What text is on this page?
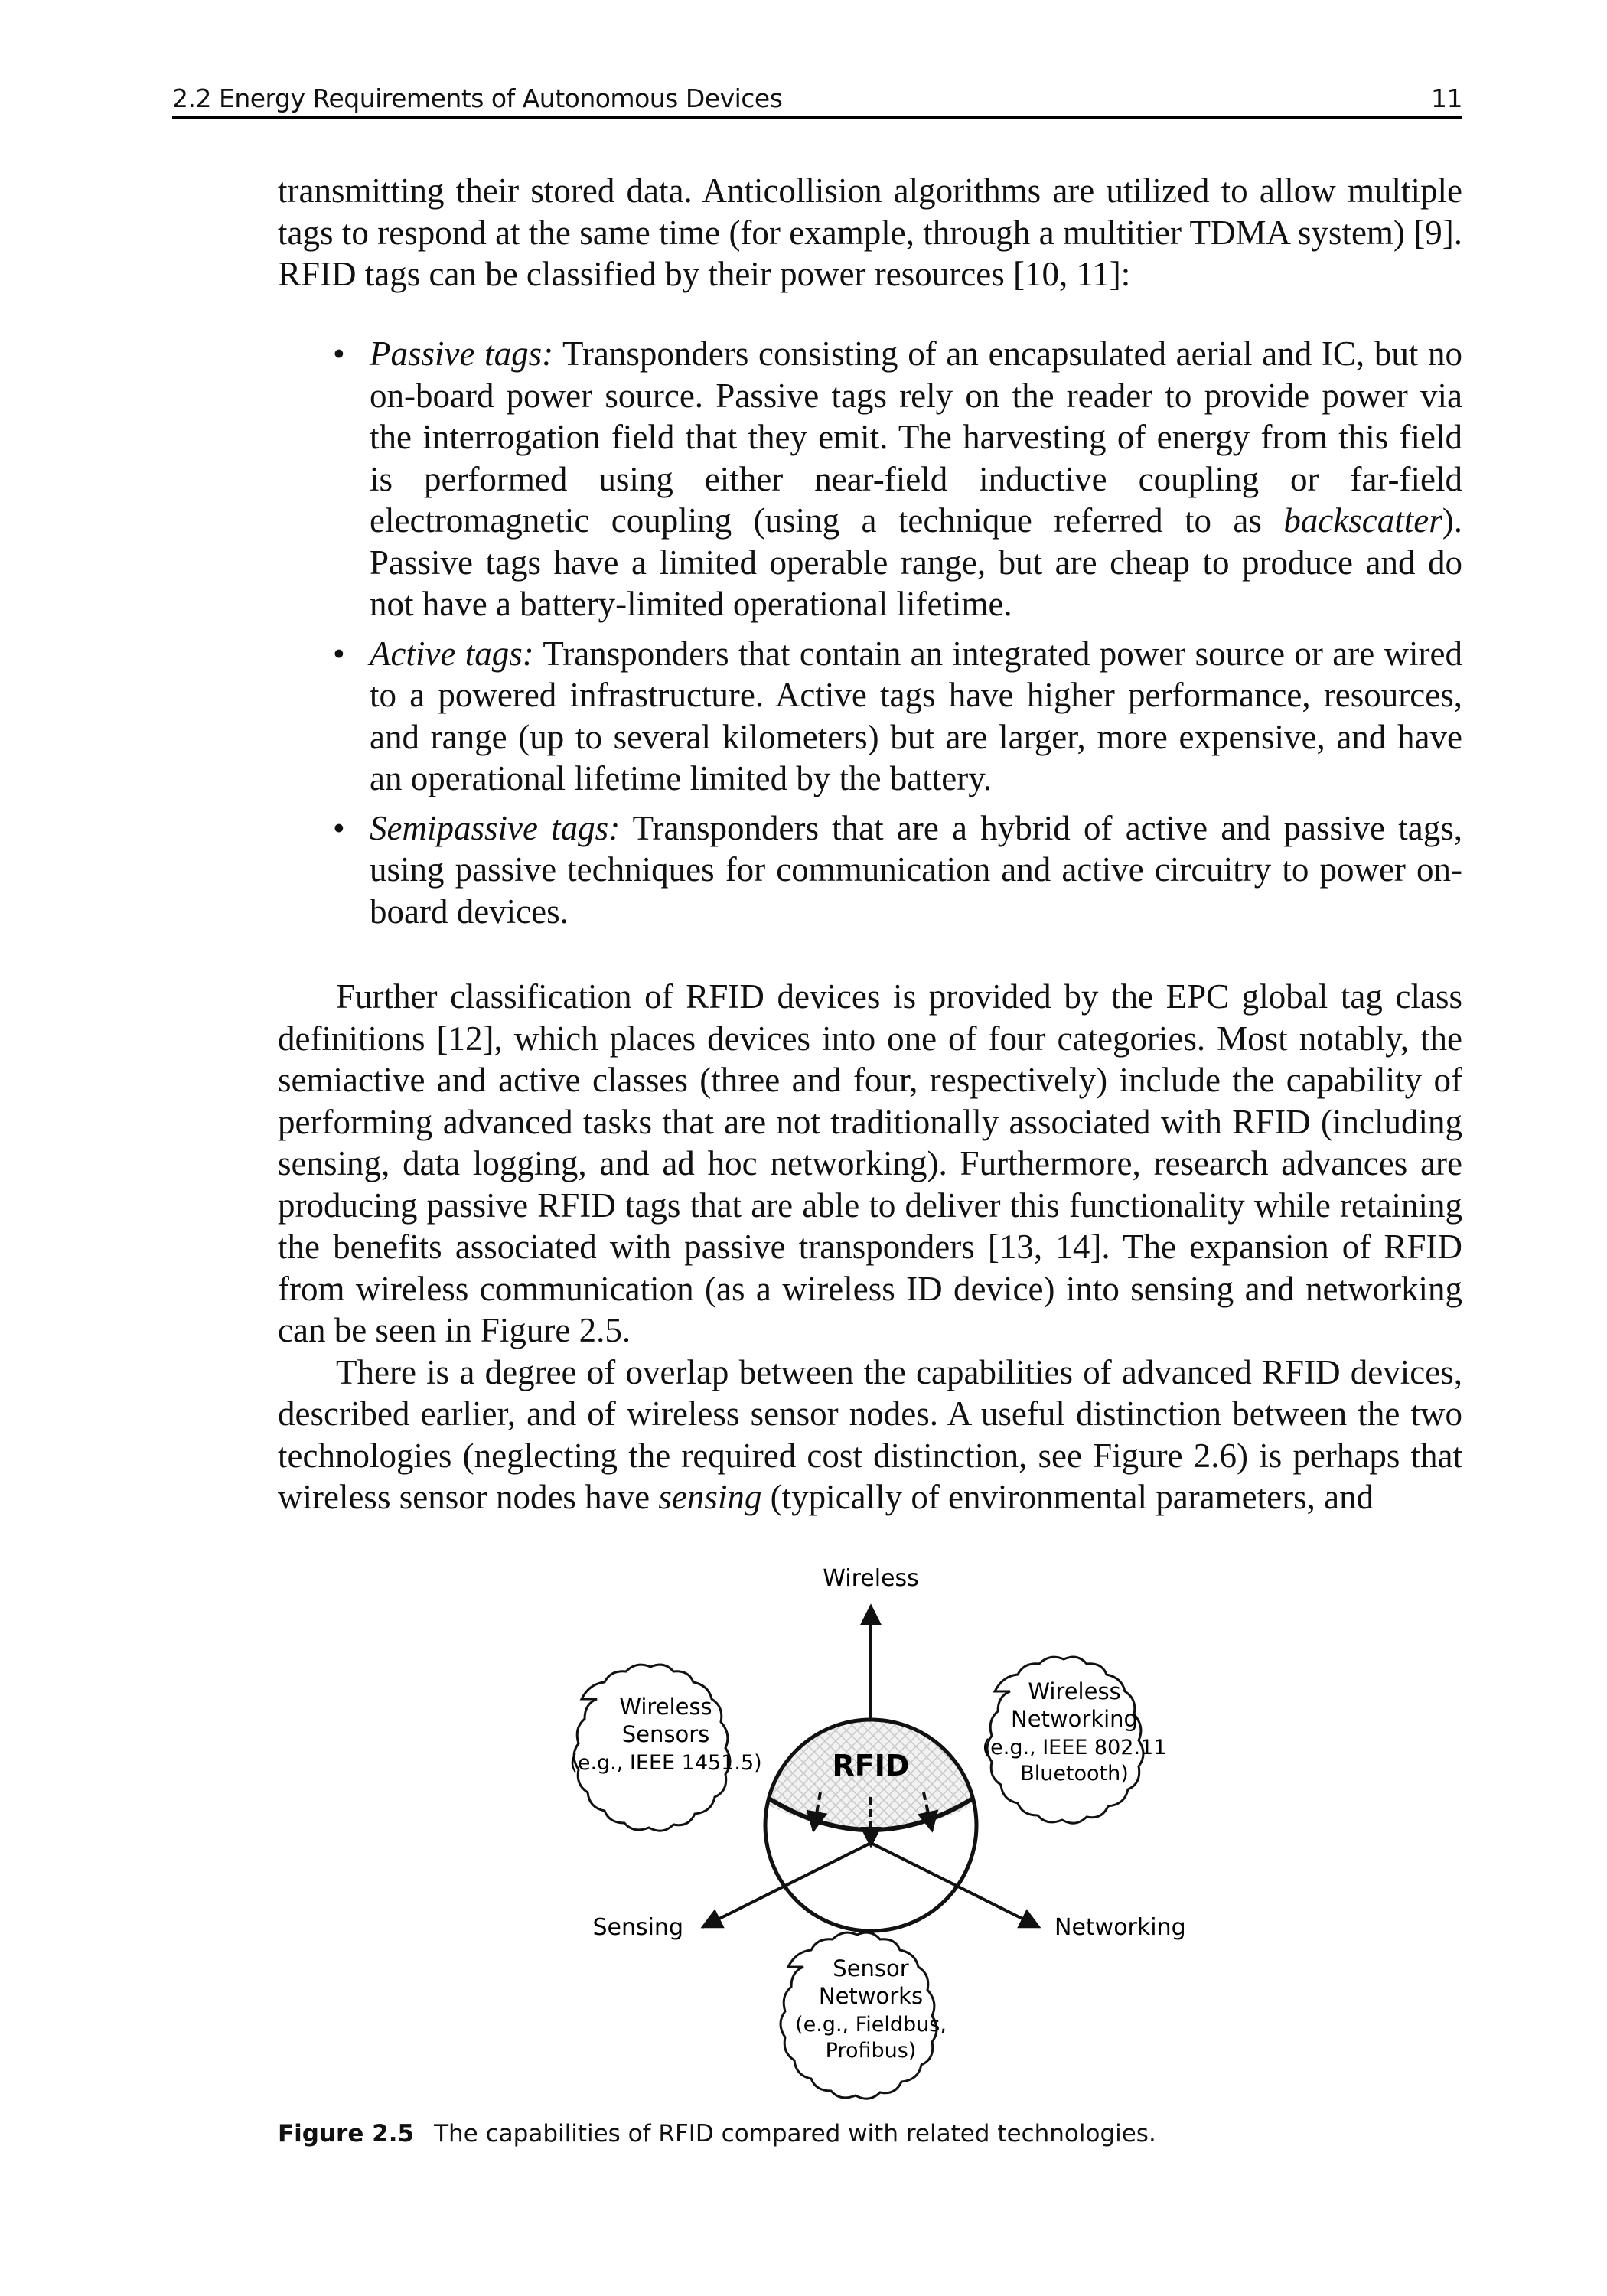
2.2 Energy Requirements of Autonomous Devices	11

transmitting their stored data. Anticollision algorithms are utilized to allow multiple tags to respond at the same time (for example, through a multitier TDMA system) [9]. RFID tags can be classified by their power resources [10, 11]:

• Passive tags: Transponders consisting of an encapsulated aerial and IC, but no on-board power source. Passive tags rely on the reader to provide power via the interrogation field that they emit. The harvesting of energy from this field is performed using either near-field inductive coupling or far-field electromagnetic coupling (using a technique referred to as backscatter). Passive tags have a limited operable range, but are cheap to produce and do not have a battery-limited operational lifetime.
• Active tags: Transponders that contain an integrated power source or are wired to a powered infrastructure. Active tags have higher performance, resources, and range (up to several kilometers) but are larger, more expensive, and have an operational lifetime limited by the battery.
• Semipassive tags: Transponders that are a hybrid of active and passive tags, using passive techniques for communication and active circuitry to power on-board devices.

Further classification of RFID devices is provided by the EPC global tag class definitions [12], which places devices into one of four categories. Most notably, the semiactive and active classes (three and four, respectively) include the capability of performing advanced tasks that are not traditionally associated with RFID (including sensing, data logging, and ad hoc networking). Furthermore, research advances are producing passive RFID tags that are able to deliver this functionality while retaining the benefits associated with passive transponders [13, 14]. The expansion of RFID from wireless communication (as a wireless ID device) into sensing and networking can be seen in Figure 2.5.

There is a degree of overlap between the capabilities of advanced RFID devices, described earlier, and of wireless sensor nodes. A useful distinction between the two technologies (neglecting the required cost distinction, see Figure 2.6) is perhaps that wireless sensor nodes have sensing (typically of environmental parameters, and

Wireless
RFID
Sensing	Networking
Wireless
Sensors
(e.g., IEEE 1451.5)
Wireless
Networking
(e.g., IEEE 802.11
Bluetooth)
Sensor
Networks
(e.g., Fieldbus,
Profibus)
Figure 2.5 The capabilities of RFID compared with related technologies.
